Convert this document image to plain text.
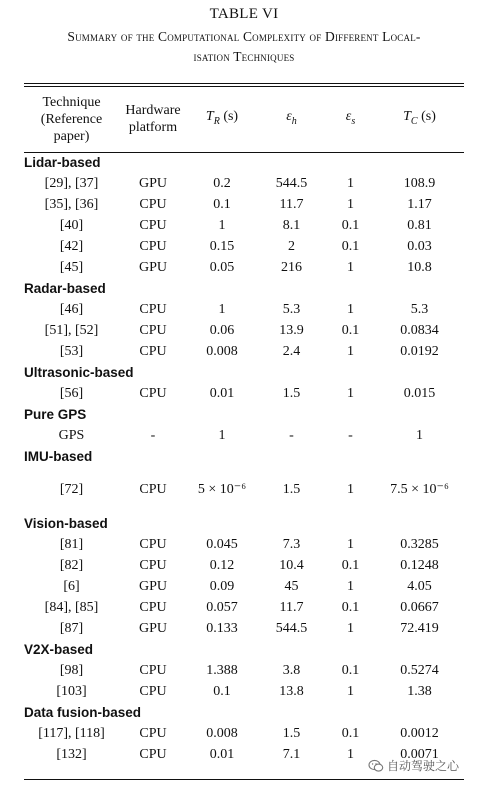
TABLE VI
Summary of the Computational Complexity of Different Local-
isation Techniques
Technique (Reference paper)	Hardware platform	$T_R$ (s)	$\varepsilon_h$	$\varepsilon_s$	$T_C$ (s)
Lidar-based					
[29], [37]	GPU	0.2	544.5	1	108.9
[35], [36]	CPU	0.1	11.7	1	1.17
[40]	CPU	1	8.1	0.1	0.81
[42]	CPU	0.15	2	0.1	0.03
[45]	GPU	0.05	216	1	10.8
Radar-based					
[46]	CPU	1	5.3	1	5.3
[51], [52]	CPU	0.06	13.9	0.1	0.0834
[53]	CPU	0.008	2.4	1	0.0192
Ultrasonic-based					
[56]	CPU	0.01	1.5	1	0.015
Pure GPS					
GPS	-	1	-	-	1
IMU-based					
[72]	CPU	5 × 10⁻⁶	1.5	1	7.5 × 10⁻⁶
Vision-based					
[81]	CPU	0.045	7.3	1	0.3285
[82]	CPU	0.12	10.4	0.1	0.1248
[6]	GPU	0.09	45	1	4.05
[84], [85]	CPU	0.057	11.7	0.1	0.0667
[87]	GPU	0.133	544.5	1	72.419
V2X-based					
[98]	CPU	1.388	3.8	0.1	0.5274
[103]	CPU	0.1	13.8	1	1.38
Data fusion-based					
[117], [118]	CPU	0.008	1.5	0.1	0.0012
[132]	CPU	0.01	7.1	1	0.0071
自动驾驶之心
